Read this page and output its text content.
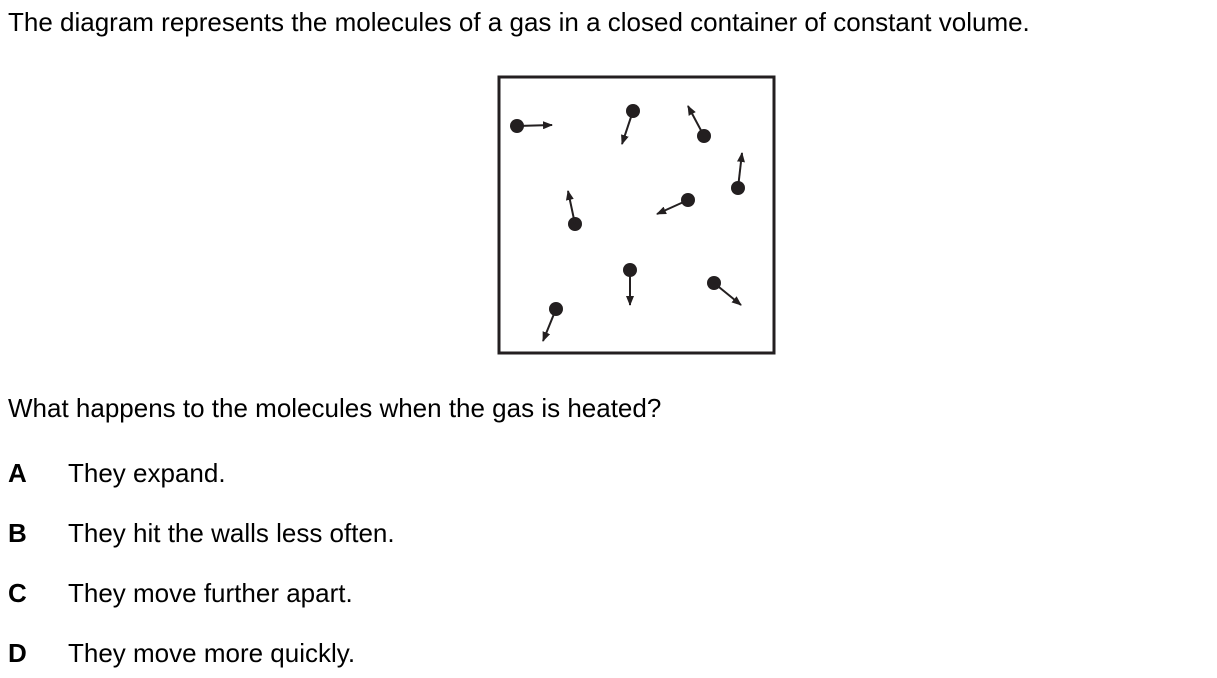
The diagram represents the molecules of a gas in a closed container of constant volume.
What happens to the molecules when the gas is heated?
A They expand.
B They hit the walls less often.
C They move further apart.
D They move more quickly.
